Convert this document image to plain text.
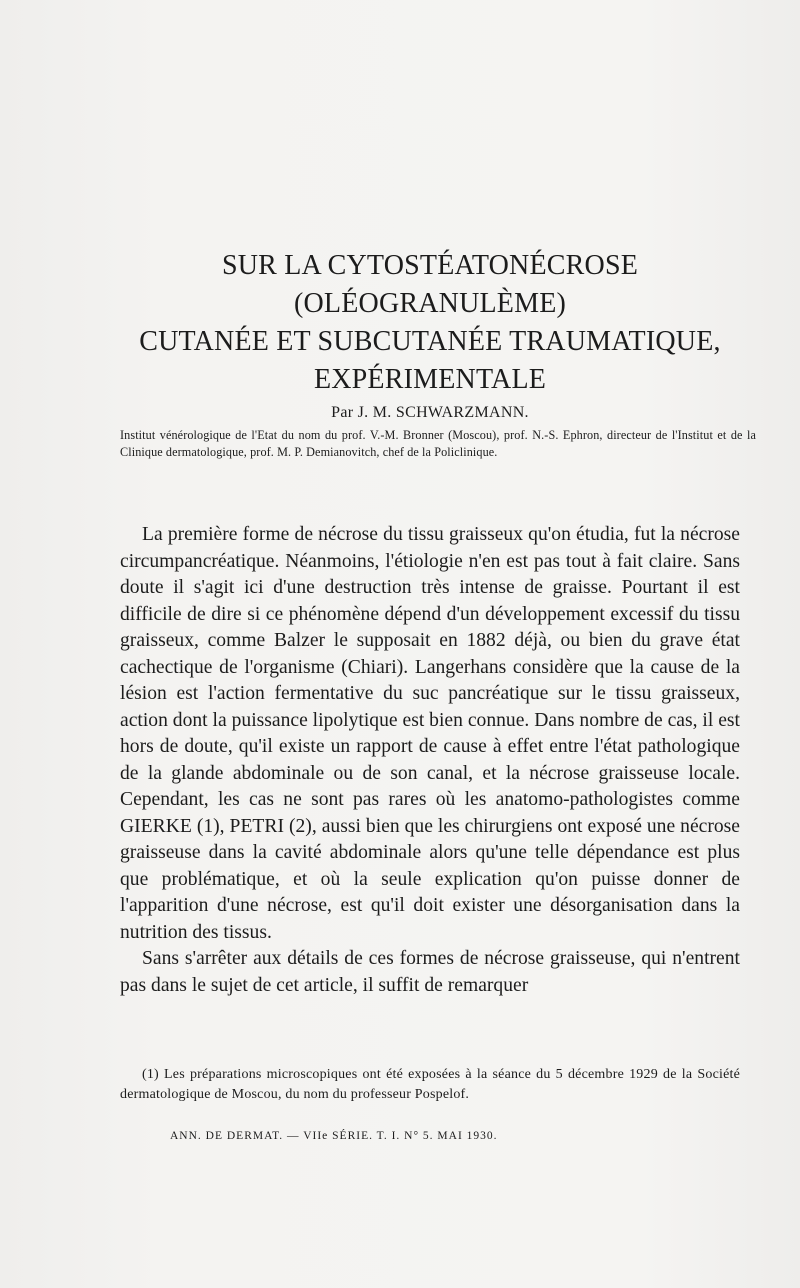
SUR LA CYTOSTÉATONÉCROSE
(OLÉOGRANULÈME)
CUTANÉE ET SUBCUTANÉE TRAUMATIQUE,
EXPÉRIMENTALE

Par J. M. SCHWARZMANN.

Institut vénérologique de l'Etat du nom du prof. V.-M. Bronner (Moscou), prof. N.-S. Ephron, directeur de l'Institut et de la Clinique dermatologique, prof. M. P. Demianovitch, chef de la Policlinique.

La première forme de nécrose du tissu graisseux qu'on étudia, fut la nécrose circumpancréatique. Néanmoins, l'étiologie n'en est pas tout à fait claire. Sans doute il s'agit ici d'une destruction très intense de graisse. Pourtant il est difficile de dire si ce phénomène dépend d'un développement excessif du tissu graisseux, comme Balzer le supposait en 1882 déjà, ou bien du grave état cachectique de l'organisme (Chiari). Langerhans considère que la cause de la lésion est l'action fermentative du suc pancréatique sur le tissu graisseux, action dont la puissance lipolytique est bien connue. Dans nombre de cas, il est hors de doute, qu'il existe un rapport de cause à effet entre l'état pathologique de la glande abdominale ou de son canal, et la nécrose graisseuse locale. Cependant, les cas ne sont pas rares où les anatomo-pathologistes comme GIERKE (1), PETRI (2), aussi bien que les chirurgiens ont exposé une nécrose graisseuse dans la cavité abdominale alors qu'une telle dépendance est plus que problématique, et où la seule explication qu'on puisse donner de l'apparition d'une nécrose, est qu'il doit exister une désorganisation dans la nutrition des tissus.

Sans s'arrêter aux détails de ces formes de nécrose graisseuse, qui n'entrent pas dans le sujet de cet article, il suffit de remarquer

(1) Les préparations microscopiques ont été exposées à la séance du 5 décembre 1929 de la Société dermatologique de Moscou, du nom du professeur Pospelof.

ANN. DE DERMAT. — VIIe SÉRIE. T. I. N° 5. MAI 1930.
